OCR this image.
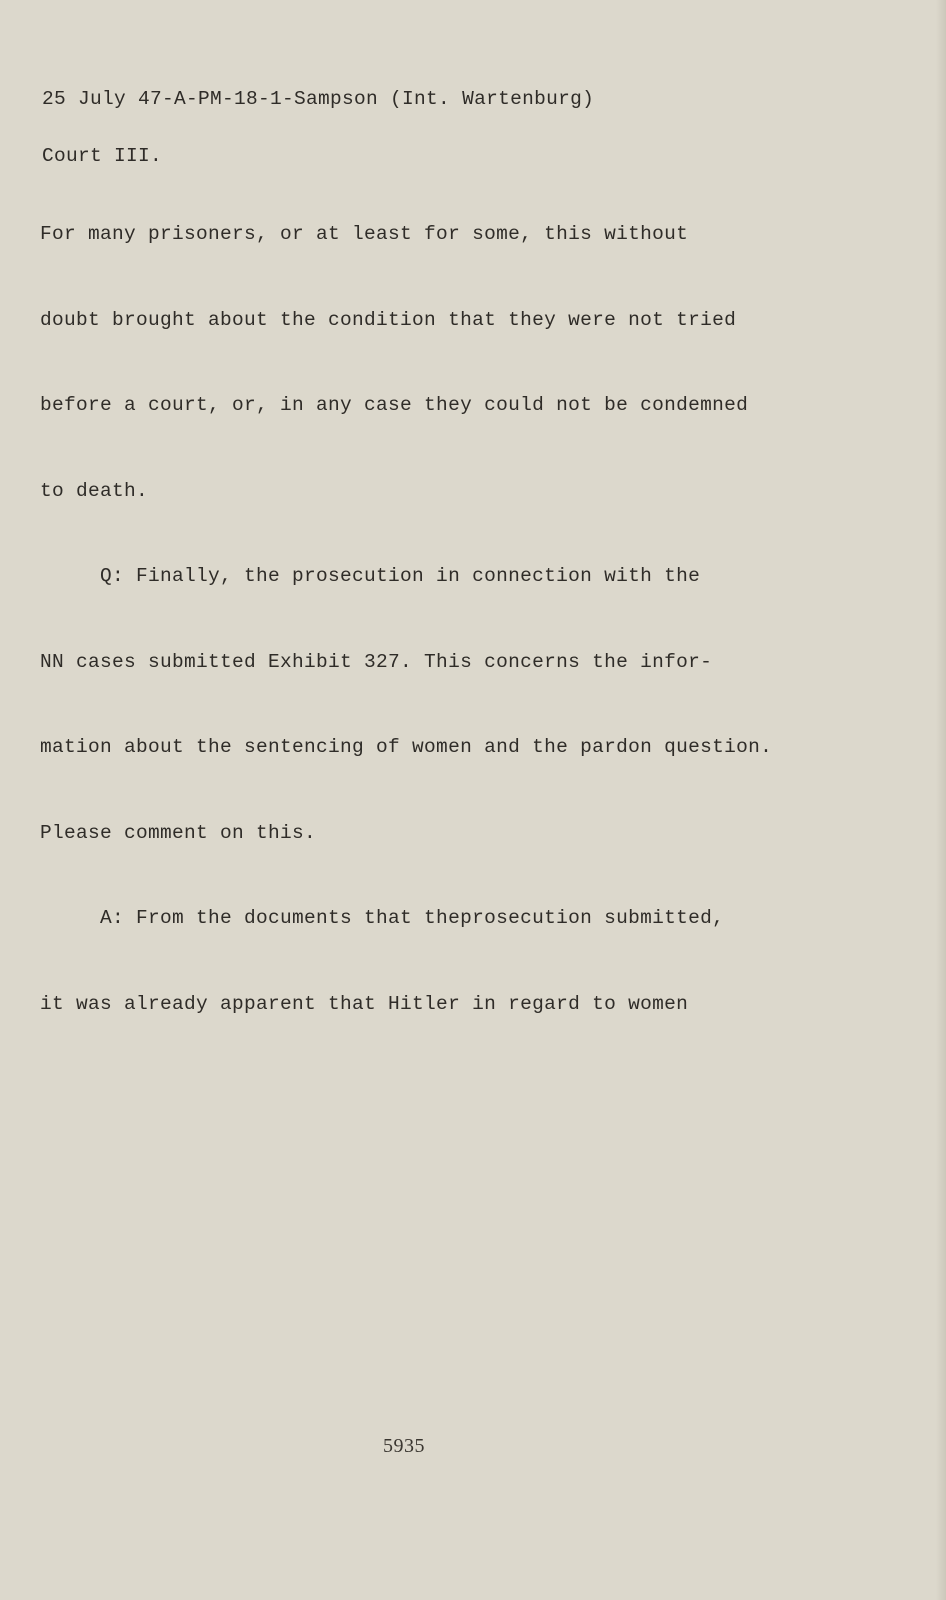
25 July 47-A-PM-18-1-Sampson (Int. Wartenburg)

Court III.

For many prisoners, or at least for some, this without

doubt brought about the condition that they were not tried

before a court, or, in any case they could not be condemned

to death.

Q: Finally, the prosecution in connection with the

NN cases submitted Exhibit 327. This concerns the infor-

mation about the sentencing of women and the pardon question.

Please comment on this.

A: From the documents that theprosecution submitted,

it was already apparent that Hitler in regard to women

5935
